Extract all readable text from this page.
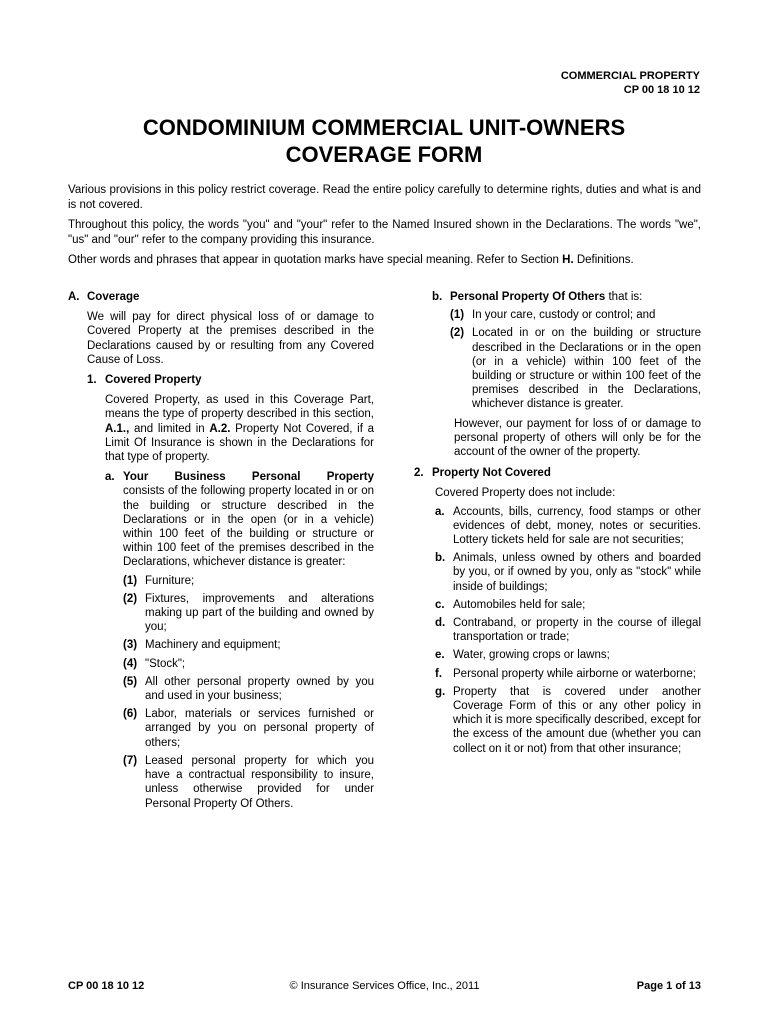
COMMERCIAL PROPERTY
CP 00 18 10 12
CONDOMINIUM COMMERCIAL UNIT-OWNERS
COVERAGE FORM

Various provisions in this policy restrict coverage. Read the entire policy carefully to determine rights, duties and what is and is not covered.

Throughout this policy, the words "you" and "your" refer to the Named Insured shown in the Declarations. The words "we", "us" and "our" refer to the company providing this insurance.

Other words and phrases that appear in quotation marks have special meaning. Refer to Section H. Definitions.

A. Coverage

We will pay for direct physical loss of or damage to Covered Property at the premises described in the Declarations caused by or resulting from any Covered Cause of Loss.

1. Covered Property

Covered Property, as used in this Coverage Part, means the type of property described in this section, A.1., and limited in A.2. Property Not Covered, if a Limit Of Insurance is shown in the Declarations for that type of property.

a. Your Business Personal Property
consists of the following property located in or on the building or structure described in the Declarations or in the open (or in a vehicle) within 100 feet of the building or structure or within 100 feet of the premises described in the Declarations, whichever distance is greater:
(1) Furniture;
(2) Fixtures, improvements and alterations making up part of the building and owned by you;
(3) Machinery and equipment;
(4) "Stock";
(5) All other personal property owned by you and used in your business;
(6) Labor, materials or services furnished or arranged by you on personal property of others;
(7) Leased personal property for which you have a contractual responsibility to insure, unless otherwise provided for under Personal Property Of Others.
b. Personal Property Of Others that is:
(1) In your care, custody or control; and
(2) Located in or on the building or structure described in the Declarations or in the open (or in a vehicle) within 100 feet of the building or structure or within 100 feet of the premises described in the Declarations, whichever distance is greater.

However, our payment for loss of or damage to personal property of others will only be for the account of the owner of the property.

2. Property Not Covered

Covered Property does not include:

a. Accounts, bills, currency, food stamps or other evidences of debt, money, notes or securities. Lottery tickets held for sale are not securities;
b. Animals, unless owned by others and boarded by you, or if owned by you, only as "stock" while inside of buildings;
c. Automobiles held for sale;
d. Contraband, or property in the course of illegal transportation or trade;
e. Water, growing crops or lawns;
f. Personal property while airborne or waterborne;
g. Property that is covered under another Coverage Form of this or any other policy in which it is more specifically described, except for the excess of the amount due (whether you can collect on it or not) from that other insurance;
CP 00 18 10 12	© Insurance Services Office, Inc., 2011	Page 1 of 13
